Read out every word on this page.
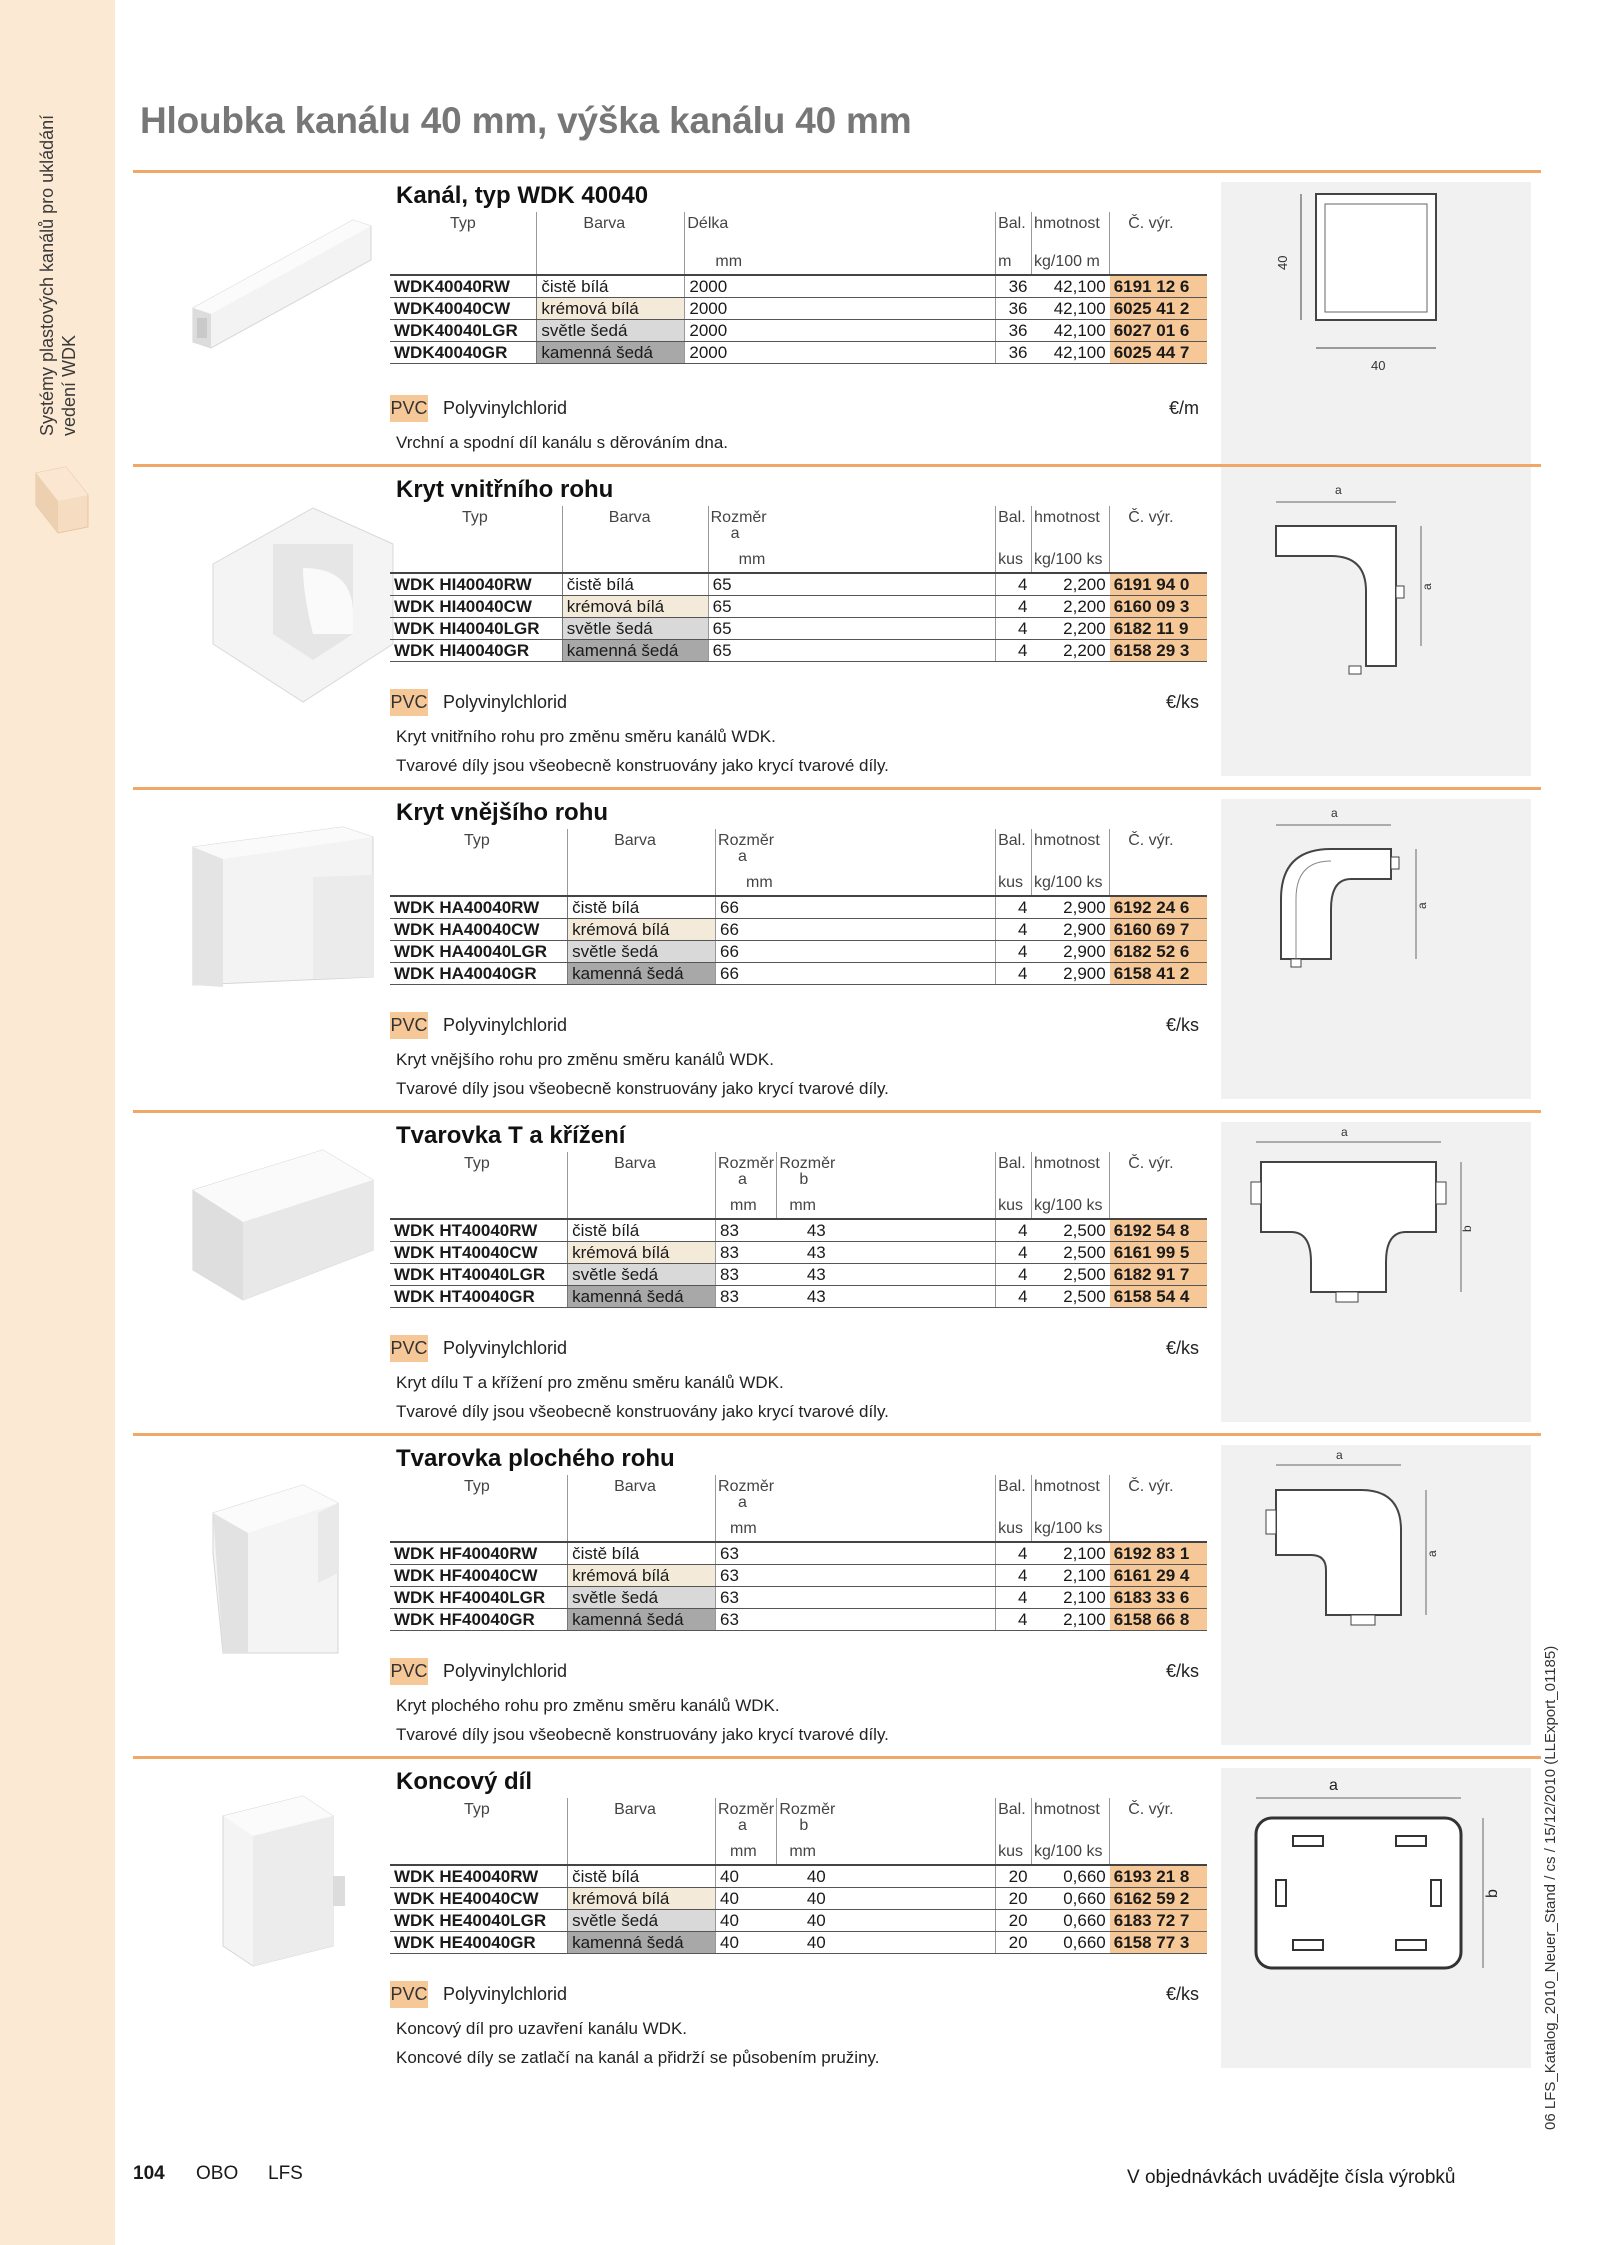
Systémy plastových kanálů pro ukládání vedení WDK
Hloubka kanálu 40 mm, výška kanálu 40 mm
Kanál, typ WDK 40040
Typ	Barva	Délka		Bal.	hmotnost	Č. výr.
		mm		m	kg/100 m	
WDK40040RW	čistě bílá	2000		36	42,100	6191 12 6
WDK40040CW	krémová bílá	2000		36	42,100	6025 41 2
WDK40040LGR	světle šedá	2000		36	42,100	6027 01 6
WDK40040GR	kamenná šedá	2000		36	42,100	6025 44 7
PVC Polyvinylchlorid	€/m
Vrchní a spodní díl kanálu s děrováním dna.
40
40
Kryt vnitřního rohu
Typ	Barva	Rozměr
a		Bal.	hmotnost	Č. výr.
		mm		kus	kg/100 ks	
WDK HI40040RW	čistě bílá	65		4	2,200	6191 94 0
WDK HI40040CW	krémová bílá	65		4	2,200	6160 09 3
WDK HI40040LGR	světle šedá	65		4	2,200	6182 11 9
WDK HI40040GR	kamenná šedá	65		4	2,200	6158 29 3
PVC Polyvinylchlorid	€/ks
Kryt vnitřního rohu pro změnu směru kanálů WDK.
Tvarové díly jsou všeobecně konstruovány jako krycí tvarové díly.
a
a
Kryt vnějšího rohu
Typ	Barva	Rozměr
a		Bal.	hmotnost	Č. výr.
		mm		kus	kg/100 ks	
WDK HA40040RW	čistě bílá	66		4	2,900	6192 24 6
WDK HA40040CW	krémová bílá	66		4	2,900	6160 69 7
WDK HA40040LGR	světle šedá	66		4	2,900	6182 52 6
WDK HA40040GR	kamenná šedá	66		4	2,900	6158 41 2
PVC Polyvinylchlorid	€/ks
Kryt vnějšího rohu pro změnu směru kanálů WDK.
Tvarové díly jsou všeobecně konstruovány jako krycí tvarové díly.
a
a
Tvarovka T a křížení
Typ	Barva	Rozměr
a	Rozměr
b	Bal.	hmotnost	Č. výr.
		mm	mm	kus	kg/100 ks	
WDK HT40040RW	čistě bílá	83	43	4	2,500	6192 54 8
WDK HT40040CW	krémová bílá	83	43	4	2,500	6161 99 5
WDK HT40040LGR	světle šedá	83	43	4	2,500	6182 91 7
WDK HT40040GR	kamenná šedá	83	43	4	2,500	6158 54 4
PVC Polyvinylchlorid	€/ks
Kryt dílu T a křížení pro změnu směru kanálů WDK.
Tvarové díly jsou všeobecně konstruovány jako krycí tvarové díly.
a
b
Tvarovka plochého rohu
Typ	Barva	Rozměr
a		Bal.	hmotnost	Č. výr.
		mm		kus	kg/100 ks	
WDK HF40040RW	čistě bílá	63		4	2,100	6192 83 1
WDK HF40040CW	krémová bílá	63		4	2,100	6161 29 4
WDK HF40040LGR	světle šedá	63		4	2,100	6183 33 6
WDK HF40040GR	kamenná šedá	63		4	2,100	6158 66 8
PVC Polyvinylchlorid	€/ks
Kryt plochého rohu pro změnu směru kanálů WDK.
Tvarové díly jsou všeobecně konstruovány jako krycí tvarové díly.
a
a
Koncový díl
Typ	Barva	Rozměr
a	Rozměr
b	Bal.	hmotnost	Č. výr.
		mm	mm	kus	kg/100 ks	
WDK HE40040RW	čistě bílá	40	40	20	0,660	6193 21 8
WDK HE40040CW	krémová bílá	40	40	20	0,660	6162 59 2
WDK HE40040LGR	světle šedá	40	40	20	0,660	6183 72 7
WDK HE40040GR	kamenná šedá	40	40	20	0,660	6158 77 3
PVC Polyvinylchlorid	€/ks
Koncový díl pro uzavření kanálu WDK.
Koncové díly se zatlačí na kanál a přidrží se působením pružiny.
a
b
104 OBO LFS	V objednávkách uvádějte čísla výrobků
06 LFS_Katalog_2010_Neuer_Stand / cs / 15/12/2010 (LLExport_01185)
